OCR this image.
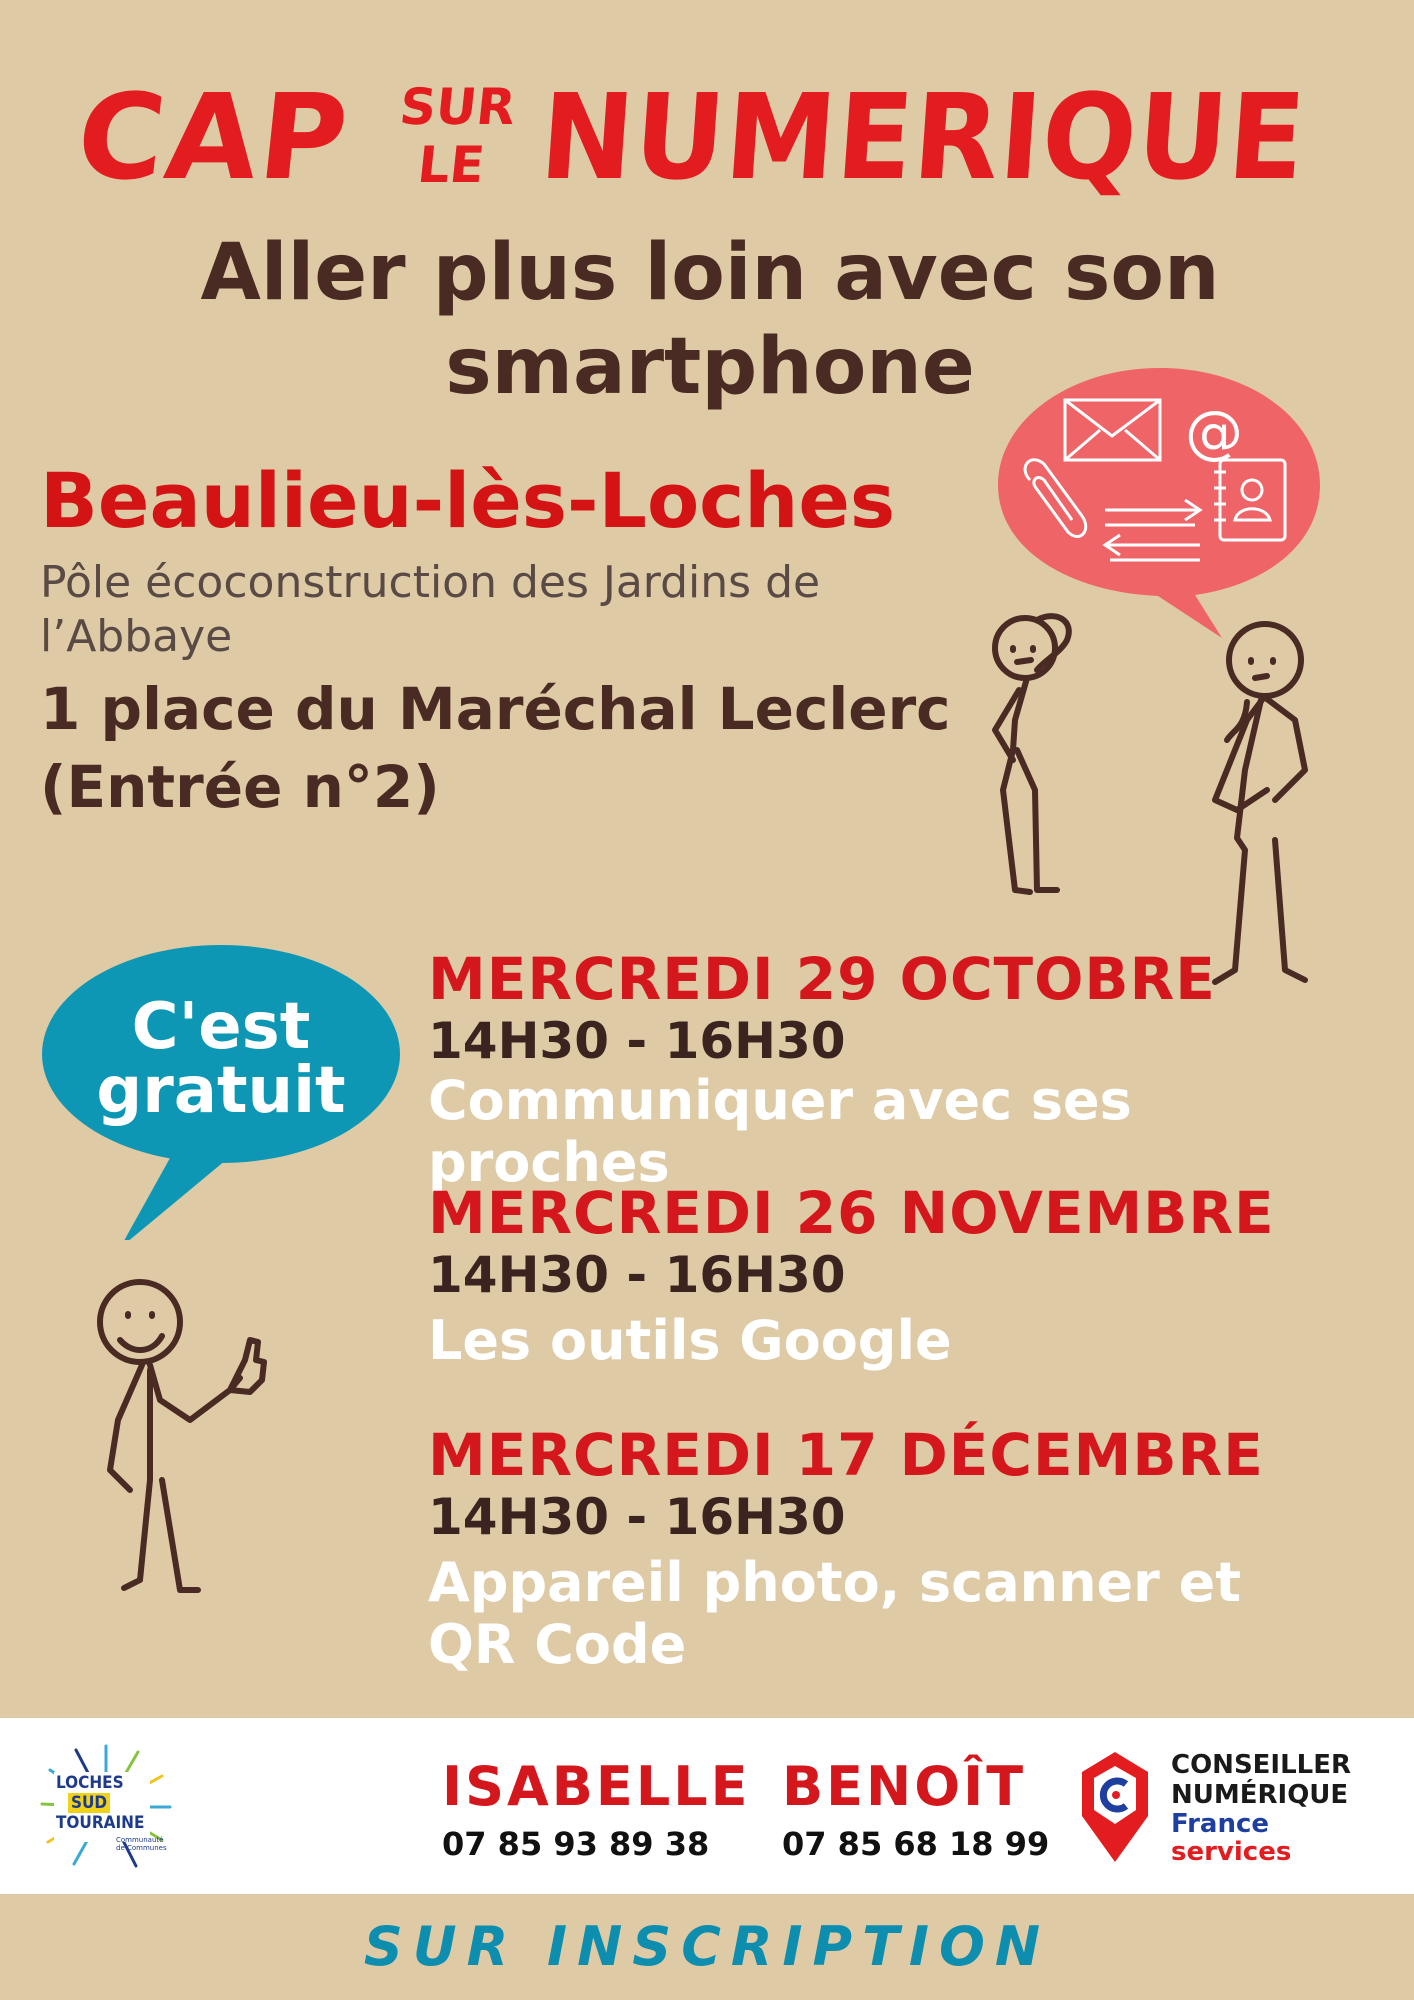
CAP SUR
LE NUMERIQUE
Aller plus loin avec son
smartphone
Beaulieu-lès-Loches
Pôle écoconstruction des Jardins de
l’Abbaye
1 place du Maréchal Leclerc
(Entrée n°2)
@
C'est
gratuit
MERCREDI 29 OCTOBRE
14H30 - 16H30
Communiquer avec ses proches
MERCREDI 26 NOVEMBRE
14H30 - 16H30
Les outils Google
MERCREDI 17 DÉCEMBRE
14H30 - 16H30
Appareil photo, scanner et
QR Code
LOCHES
SUD
TOURAINE
Communauté
de Communes
ISABELLE
07 85 93 89 38
BENOÎT
07 85 68 18 99
CONSEILLER
NUMÉRIQUE
France
services
SUR INSCRIPTION
